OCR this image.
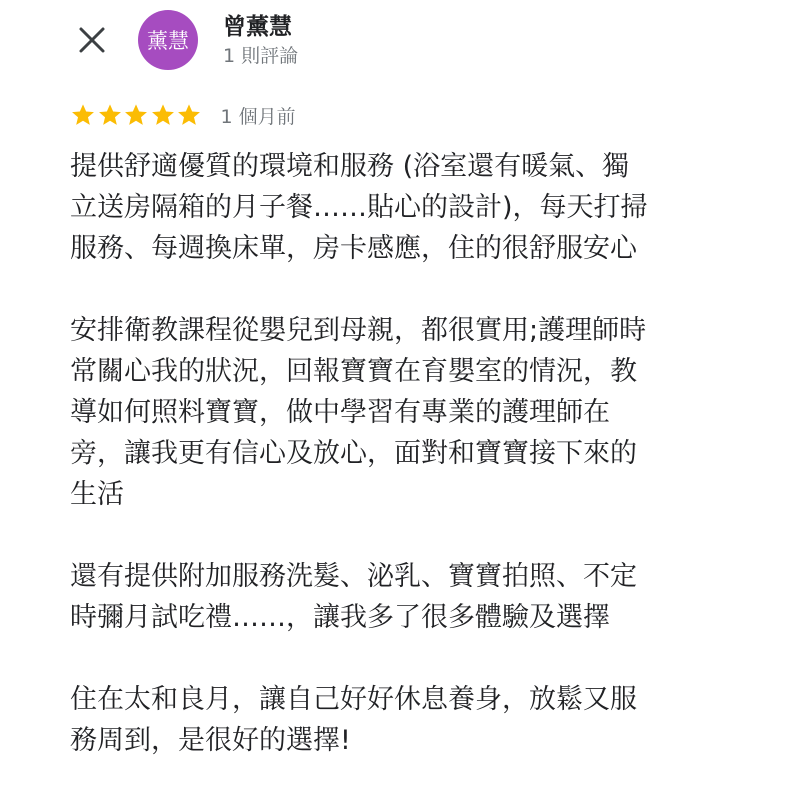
薰慧
曾薰慧
1 則評論
1 個月前
提供舒適優質的環境和服務 (浴室還有暖氣、獨
立送房隔箱的月子餐……貼心的設計)，每天打掃
服務、每週換床單，房卡感應，住的很舒服安心
安排衛教課程從嬰兒到母親，都很實用;護理師時
常關心我的狀況，回報寶寶在育嬰室的情況，教
導如何照料寶寶，做中學習有專業的護理師在
旁，讓我更有信心及放心，面對和寶寶接下來的
生活
還有提供附加服務洗髮、泌乳、寶寶拍照、不定
時彌月試吃禮……，讓我多了很多體驗及選擇
住在太和良月，讓自己好好休息養身，放鬆又服
務周到，是很好的選擇!
